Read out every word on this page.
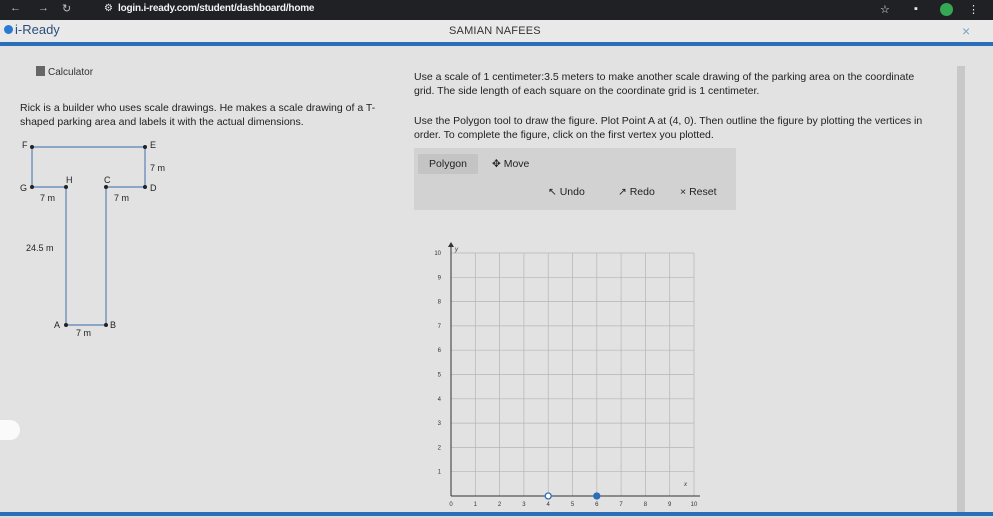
← → ↻	⚙ login.i-ready.com/student/dashboard/home	☆ ▪	⋮
i-Ready	SAMIAN NAFEES	×
Calculator
Rick is a builder who uses scale drawings. He makes a scale drawing of a T-shaped parking area and labels it with the actual dimensions.
F	E
H	C
G	D
A	B
7 m
7 m	7 m
24.5 m
7 m
Use a scale of 1 centimeter:3.5 meters to make another scale drawing of the parking area on the coordinate grid. The side length of each square on the coordinate grid is 1 centimeter.
Use the Polygon tool to draw the figure. Plot Point A at (4, 0). Then outline the figure by plotting the vertices in order. To complete the figure, click on the first vertex you plotted.
Polygon	✥ Move
↖ Undo	↗ Redo × Reset
y
x
10
9
8
7
6
5
4
3
2
1
0	1	2	3	4	5	6	7	8	9	10
